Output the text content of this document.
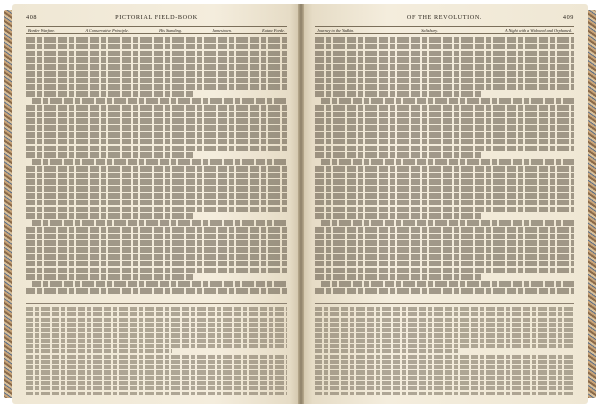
408	PICTORIAL FIELD-BOOK
Border Warfare.	A Conservative Principle.	His Standing.	Jamestown.	Eutaw Forde.
OF THE REVOLUTION.	409
Journey to the Yadkin.	Salisbury.	A Night with a Widowed and Orphaned.
